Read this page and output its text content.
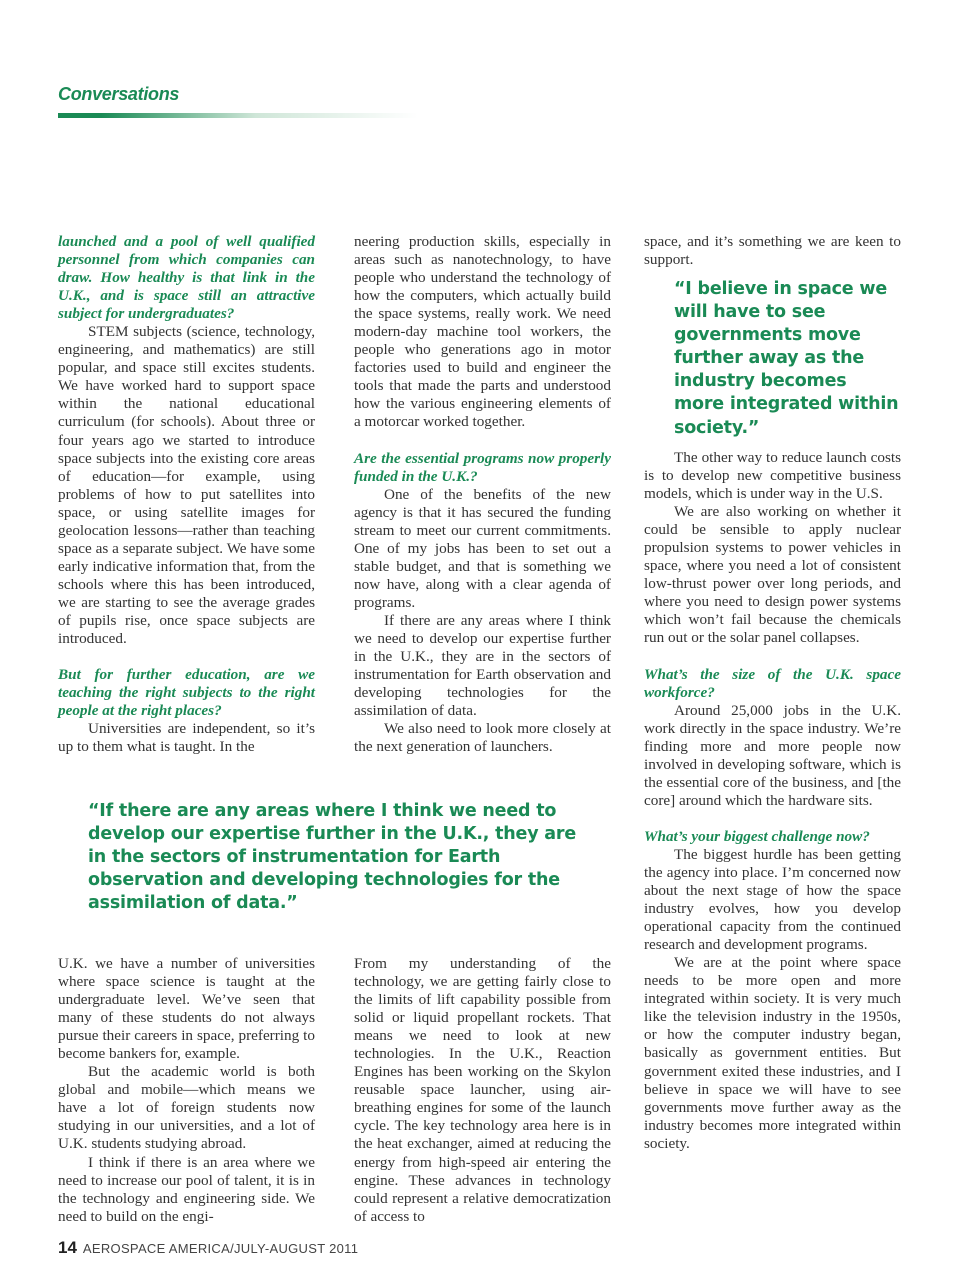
Conversations

launched and a pool of well qualified personnel from which companies can draw. How healthy is that link in the U.K., and is space still an attractive subject for undergraduates?

STEM subjects (science, technology, engineering, and mathematics) are still popular, and space still excites students. We have worked hard to support space within the national educational curriculum (for schools). About three or four years ago we started to introduce space subjects into the existing core areas of education—for example, using problems of how to put satellites into space, or using satellite images for geolocation lessons—rather than teaching space as a separate subject. We have some early indicative information that, from the schools where this has been introduced, we are starting to see the average grades of pupils rise, once space subjects are introduced.

But for further education, are we teaching the right subjects to the right people at the right places?

Universities are independent, so it’s up to them what is taught. In the

neering production skills, especially in areas such as nanotechnology, to have people who understand the technology of how the computers, which actually build the space systems, really work. We need modern-day machine tool workers, the people who generations ago in motor factories used to build and engineer the tools that made the parts and understood how the various engineering elements of a motorcar worked together.

Are the essential programs now properly funded in the U.K.?

One of the benefits of the new agency is that it has secured the funding stream to meet our current commitments. One of my jobs has been to set out a stable budget, and that is something we now have, along with a clear agenda of programs.

If there are any areas where I think we need to develop our expertise further in the U.K., they are in the sectors of instrumentation for Earth observation and developing technologies for the assimilation of data.

We also need to look more closely at the next generation of launchers.

space, and it’s something we are keen to support.

“I believe in space we will have to see governments move further away as the industry becomes more integrated within society.”

The other way to reduce launch costs is to develop new competitive business models, which is under way in the U.S.

We are also working on whether it could be sensible to apply nuclear propulsion systems to power vehicles in space, where you need a lot of consistent low-thrust power over long periods, and where you need to design power systems which won’t fail because the chemicals run out or the solar panel collapses.

What’s the size of the U.K. space workforce?

Around 25,000 jobs in the U.K. work directly in the space industry. We’re finding more and more people now involved in developing software, which is the essential core of the business, and [the core] around which the hardware sits.

What’s your biggest challenge now?

The biggest hurdle has been getting the agency into place. I’m concerned now about the next stage of how the space industry evolves, how you develop operational capacity from the continued research and development programs.

We are at the point where space needs to be more open and more integrated within society. It is very much like the television industry in the 1950s, or how the computer industry began, basically as government entities. But government exited these industries, and I believe in space we will have to see governments move further away as the industry becomes more integrated within society.

“If there are any areas where I think we need to develop our expertise further in the U.K., they are in the sectors of instrumentation for Earth observation and developing technologies for the assimilation of data.”

U.K. we have a number of universities where space science is taught at the undergraduate level. We’ve seen that many of these students do not always pursue their careers in space, preferring to become bankers for, example.

But the academic world is both global and mobile—which means we have a lot of foreign students now studying in our universities, and a lot of U.K. students studying abroad.

I think if there is an area where we need to increase our pool of talent, it is in the technology and engineering side. We need to build on the engi-

From my understanding of the technology, we are getting fairly close to the limits of lift capability possible from solid or liquid propellant rockets. That means we need to look at new technologies. In the U.K., Reaction Engines has been working on the Skylon reusable space launcher, using air-breathing engines for some of the launch cycle. The key technology area here is in the heat exchanger, aimed at reducing the energy from high-speed air entering the engine. These advances in technology could represent a relative democratization of access to

14 AEROSPACE AMERICA/JULY-AUGUST 2011
